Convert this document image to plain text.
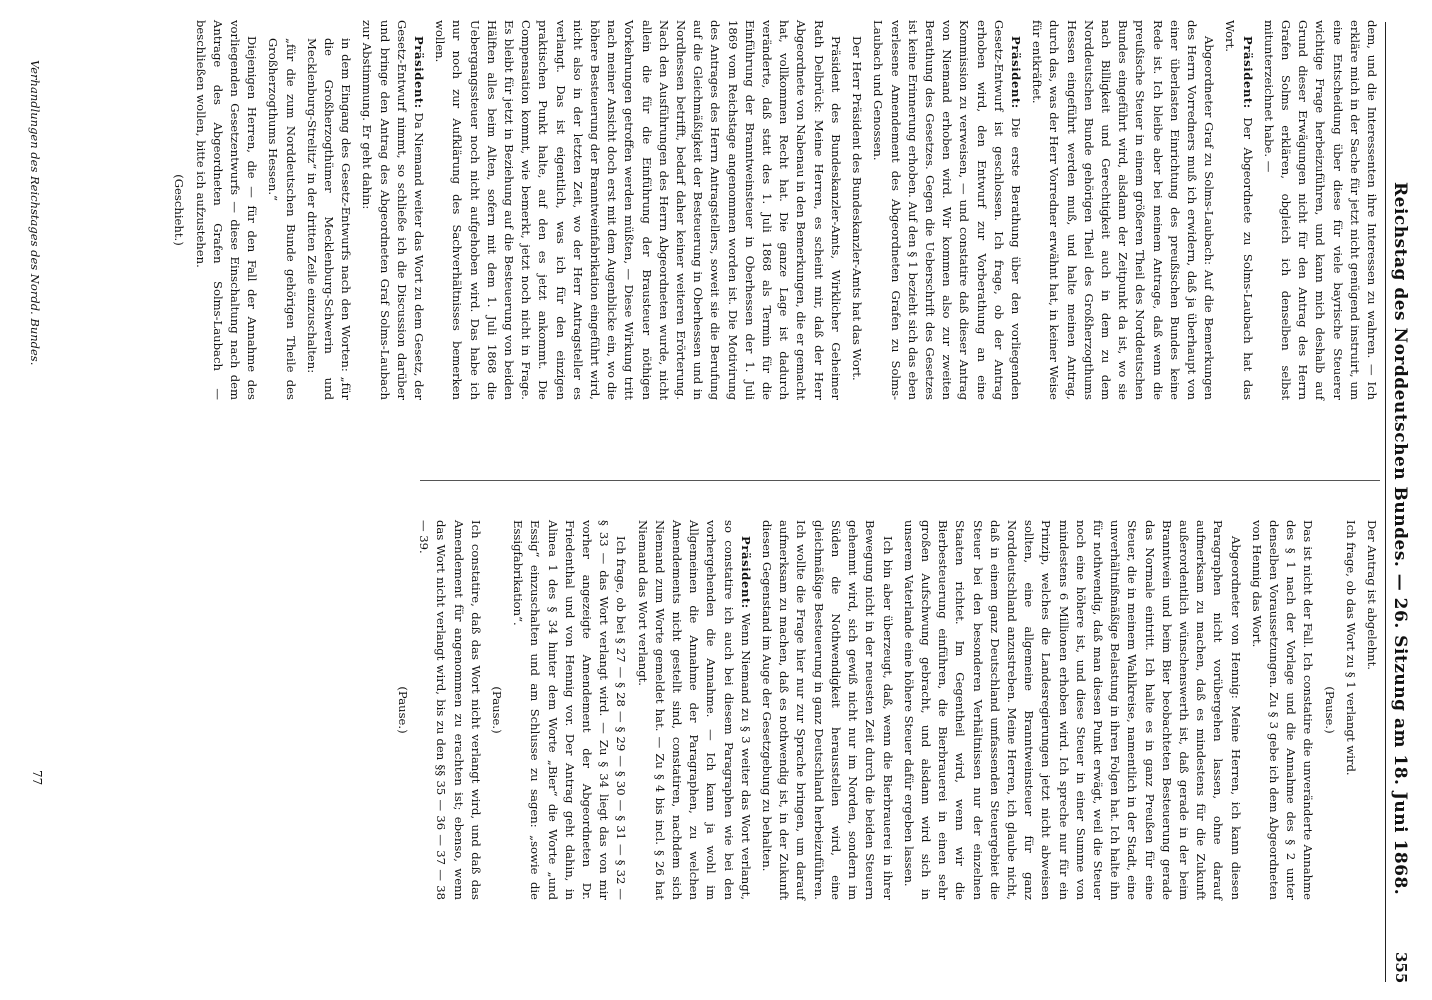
Reichstag des Norddeutschen Bundes. — 26. Sitzung am 18. Juni 1868.
355

dem, und die Interessenten ihre Interessen zu wahren. — Ich erkläre mich in der Sache für jetzt nicht genügend instruirt, um eine Entscheidung über diese für viele bayrische Steuerer wichtige Frage herbeizuführen, und kann mich deshalb auf Grund dieser Erwägungen nicht für den Antrag des Herrn Grafen Solms erklären, obgleich ich denselben selbst mitunterzeichnet habe. —

Präsident: Der Abgeordnete zu Solms-Laubach hat das Wort.

Abgeordneter Graf zu Solms-Laubach: Auf die Bemerkungen des Herrn Vorredners muß ich erwidern, daß ja überhaupt von einer überlasten Einrichtung des preußischen Bundes keine Rede ist. Ich bleibe aber bei meinem Antrage, daß wenn die preußische Steuer in einem größeren Theil des Norddeutschen Bundes eingeführt wird, alsdann der Zeitpunkt da ist, wo sie nach Billigkeit und Gerechtigkeit auch in dem zu dem Norddeutschen Bunde gehörigen Theil des Großherzogthums Hessen eingeführt werden muß, und halte meinen Antrag, durch das, was der Herr Vorredner erwähnt hat, in keiner Weise für entkräftet.

Präsident: Die erste Berathung über den vorliegenden Gesetz-Entwurf ist geschlossen. Ich frage, ob der Antrag erhoben wird, den Entwurf zur Vorberathung an eine Kommission zu verweisen, — und constatire daß dieser Antrag von Niemand erhoben wird. Wir kommen also zur zweiten Berathung des Gesetzes. Gegen die Ueberschrift des Gesetzes ist keine Erinnerung erhoben. Auf den § 1 bezieht sich das eben verlesene Amendement des Abgeordneten Grafen zu Solms-Laubach und Genossen.

Der Herr Präsident des Bundeskanzler-Amts hat das Wort.

Präsident des Bundeskanzler-Amts, Wirklicher Geheimer Rath Delbrück: Meine Herren, es scheint mir, daß der Herr Abgeordnete von Nabenau in den Bemerkungen, die er gemacht hat, vollkommen Recht hat. Die ganze Lage ist dadurch veränderte, daß statt des 1. Juli 1868 als Termin für die Einführung der Branntweinsteuer in Oberhessen der 1. Juli 1869 vom Reichstage angenommen worden ist. Die Motivirung des Antrages des Herrn Antragstellers, soweit sie die Berufung auf die Gleichmäßigkeit der Besteuerung in Oberhessen und in Nordhessen betrifft, bedarf daher keiner weiteren Erörterung. Nach den Ausführungen des Herrn Abgeordneten wurde, nicht allein die für die Einführung der Brausteuer nöthigen Vorkehrungen getroffen werden müßten, — Diese Wirkung tritt nach meiner Ansicht doch erst mit dem Augenblicke ein, wo die höhere Besteuerung der Branntweinfabrikation eingeführt wird, nicht also in der letzten Zeit, wo der Herr Antragsteller es verlangt. Das ist eigentlich, was ich für den einzigen praktischen Punkt halte, auf den es jetzt ankommt. Die Compensation kommt, wie bemerkt, jetzt noch nicht in Frage. Es bleibt für jetzt in Beziehung auf die Besteuerung von beiden Hälften alles beim Alten, sofern mit dem 1. Juli 1868 die Uebergangssteuer noch nicht aufgehoben wird. Das habe ich nur noch zur Aufklärung des Sachverhältnisses bemerken wollen.

Präsident: Da Niemand weiter das Wort zu dem Gesetz, der Gesetz-Entwurf nimmt, so schließe ich die Discussion darüber und bringe den Antrag des Abgeordneten Graf Solms-Laubach zur Abstimmung. Er geht dahin:

in dem Eingang des Gesetz-Entwurfs nach den Worten: „für die Großherzogthümer Mecklenburg-Schwerin und Mecklenburg-Strelitz“ in der dritten Zeile einzuschalten:

„für die zum Norddeutschen Bunde gehörigen Theile des Großherzogthums Hessen.“

Diejenigen Herren, die — für den Fall der Annahme des vorliegenden Gesetzentwurfs — diese Einschaltung nach dem Antrage des Abgeordneten Grafen Solms-Laubach — beschließen wollen, bitte ich aufzustehen.

(Geschieht.)

Der Antrag ist abgelehnt.

Ich frage, ob das Wort zu § 1 verlangt wird.

(Pause.)

Das ist nicht der Fall. Ich constatire die unveränderte Annahme des § 1 nach der Vorlage und die Annahme des § 2 unter denselben Voraussetzungen. Zu § 3 gebe ich dem Abgeordneten von Hennig das Wort.

Abgeordneter von Hennig: Meine Herren, ich kann diesen Paragraphen nicht vorübergehen lassen, ohne darauf aufmerksam zu machen, daß es mindestens für die Zukunft außerordentlich wünschenswerth ist, daß gerade in der beim Branntwein und beim Bier beobachteten Besteuerung gerade das Normale eintritt. Ich halte es in ganz Preußen für eine Steuer, die in meinem Wahlkreise, namentlich in der Stadt, eine unverhältnißmäßige Belastung in ihren Folgen hat. Ich halte ihn für nothwendig, daß man diesen Punkt erwägt, weil die Steuer noch eine höhere ist, und diese Steuer in einer Summe von mindestens 6 Millionen erhoben wird. Ich spreche nur für ein Prinzip, welches die Landesregierungen jetzt nicht abweisen sollten, eine allgemeine Branntweinsteuer für ganz Norddeutschland anzustreben. Meine Herren, ich glaube nicht, daß in einem ganz Deutschland umfassenden Steuergebiet die Steuer bei den besonderen Verhältnissen nur der einzelnen Staaten richtet. Im Gegentheil wird, wenn wir die Bierbesteuerung einführen, die Bierbrauerei in einen sehr großen Aufschwung gebracht, und alsdann wird sich in unserem Vaterlande eine höhere Steuer dafür ergeben lassen.

Ich bin aber überzeugt, daß, wenn die Bierbrauerei in ihrer Bewegung nicht in der neuesten Zeit durch die beiden Steuern gehemmt wird, sich gewiß nicht nur im Norden, sondern im Süden die Nothwendigkeit herausstellen wird, eine gleichmäßige Besteuerung in ganz Deutschland herbeizuführen. Ich wollte die Frage hier nur zur Sprache bringen, um darauf aufmerksam zu machen, daß es nothwendig ist, in der Zukunft diesen Gegenstand im Auge der Gesetzgebung zu behalten.

Präsident: Wenn Niemand zu § 3 weiter das Wort verlangt, so constatire ich auch bei diesem Paragraphen wie bei den vorhergehenden die Annahme. — Ich kann ja wohl im Allgemeinen die Annahme der Paragraphen, zu welchen Amendements nicht gestellt sind, constatiren, nachdem sich Niemand zum Worte gemeldet hat. — Zu § 4 bis incl. § 26 hat Niemand das Wort verlangt.

Ich frage, ob bei § 27 — § 28 — § 29 — § 30 — § 31 — § 32 — § 33 — das Wort verlangt wird. — Zu § 34 liegt das von mir vorher angezeigte Amendement der Abgeordneten Dr. Friedenthal und von Hennig vor. Der Antrag geht dahin, in Alinea 1 des § 34 hinter dem Worte „Bier“ die Worte „und Essig“ einzuschalten und am Schlusse zu sagen: „sowie die Essigfabrikation“.

(Pause.)

Ich constatire, daß das Wort nicht verlangt wird, und daß das Amendement für angenommen zu erachten ist; ebenso, wenn das Wort nicht verlangt wird, bis zu den §§ 35 — 36 — 37 — 38 — 39.

(Pause.)

Verhandlungen des Reichstages des Nordd. Bundes.
77
